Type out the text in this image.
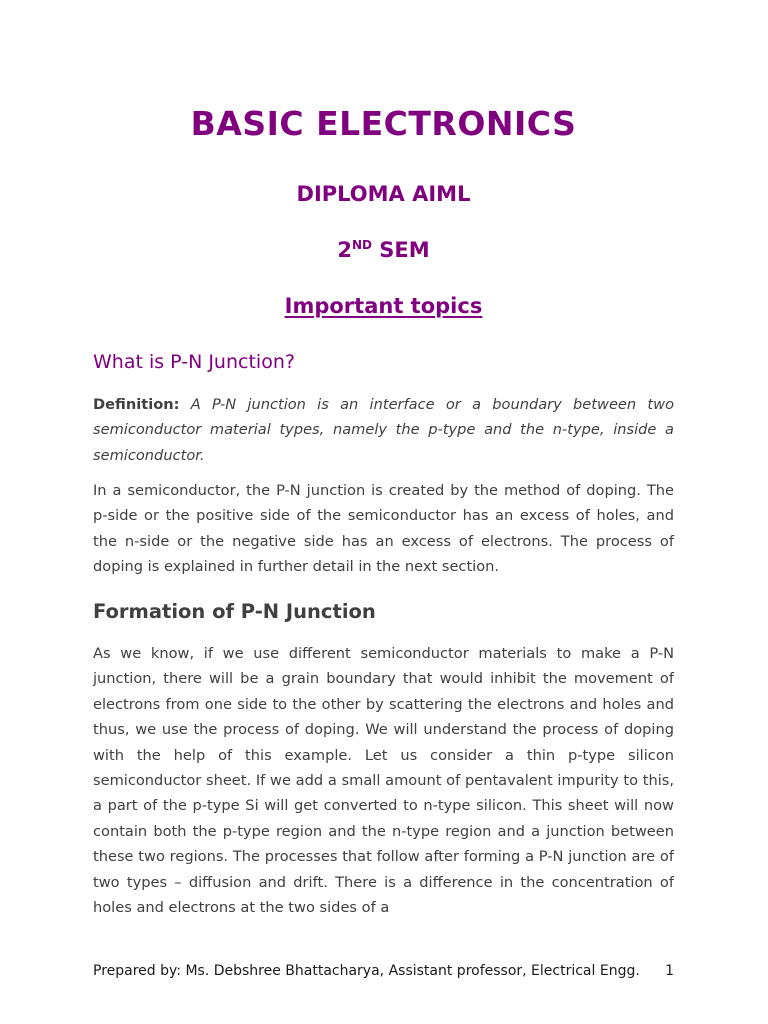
BASIC ELECTRONICS
DIPLOMA AIML
2ND SEM
Important topics
What is P-N Junction?
Definition: A P-N junction is an interface or a boundary between two semiconductor material types, namely the p-type and the n-type, inside a semiconductor.
In a semiconductor, the P-N junction is created by the method of doping. The p-side or the positive side of the semiconductor has an excess of holes, and the n-side or the negative side has an excess of electrons. The process of doping is explained in further detail in the next section.
Formation of P-N Junction
As we know, if we use different semiconductor materials to make a P-N junction, there will be a grain boundary that would inhibit the movement of electrons from one side to the other by scattering the electrons and holes and thus, we use the process of doping. We will understand the process of doping with the help of this example. Let us consider a thin p-type silicon semiconductor sheet. If we add a small amount of pentavalent impurity to this, a part of the p-type Si will get converted to n-type silicon. This sheet will now contain both the p-type region and the n-type region and a junction between these two regions. The processes that follow after forming a P-N junction are of two types – diffusion and drift. There is a difference in the concentration of holes and electrons at the two sides of a
Prepared by: Ms. Debshree Bhattacharya, Assistant professor, Electrical Engg. 1
